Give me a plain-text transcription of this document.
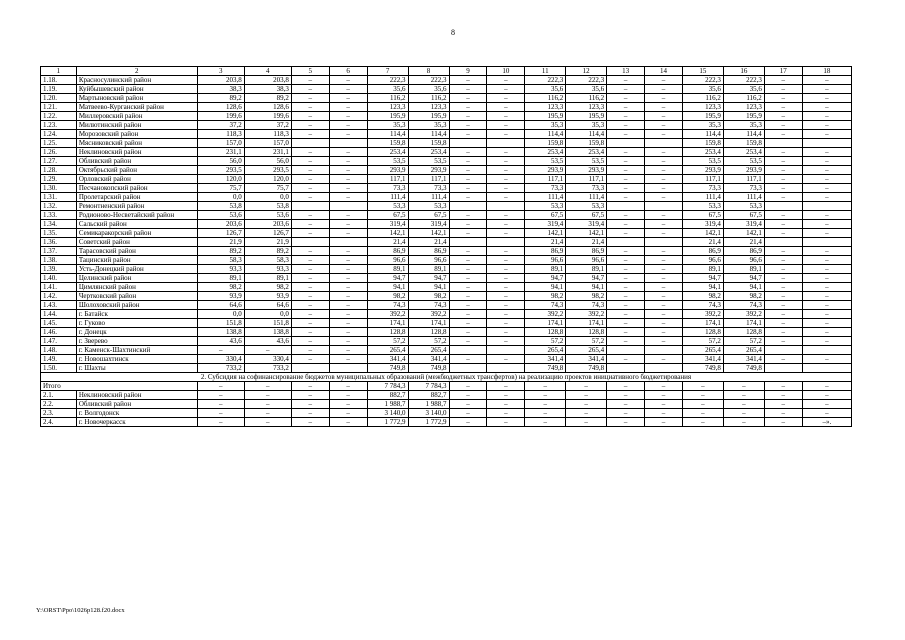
8
1	2	3	4	5	6	7	8	9	10	11	12	13	14	15	16	17	18
1.18.	Красносулинский район	203,8	203,8	–	–	222,3	222,3	–	–	222,3	222,3	–	–	222,3	222,3	–	–
1.19.	Куйбышевский район	38,3	38,3	–	–	35,6	35,6	–	–	35,6	35,6	–	–	35,6	35,6	–	–
1.20.	Мартыновский район	89,2	89,2	–	–	116,2	116,2	–	–	116,2	116,2	–	–	116,2	116,2	–	–
1.21.	Матвеево-Курганский район	128,6	128,6	–	–	123,3	123,3	–	–	123,3	123,3	–	–	123,3	123,3	–	–
1.22.	Миллеровский район	199,6	199,6	–	–	195,9	195,9	–	–	195,9	195,9	–	–	195,9	195,9	–	–
1.23.	Милютинский район	37,2	37,2	–	–	35,3	35,3	–	–	35,3	35,3	–	–	35,3	35,3	–	–
1.24.	Морозовский район	118,3	118,3	–	–	114,4	114,4	–	–	114,4	114,4	–	–	114,4	114,4	–	–
1.25.	Мясниковский район	157,0	157,0			159,8	159,8			159,8	159,8			159,8	159,8		
1.26.	Неклиновский район	231,1	231,1	–	–	253,4	253,4	–	–	253,4	253,4	–	–	253,4	253,4	–	–
1.27.	Обливский район	56,0	56,0	–	–	53,5	53,5	–	–	53,5	53,5	–	–	53,5	53,5	–	–
1.28.	Октябрьский район	293,5	293,5	–	–	293,9	293,9	–	–	293,9	293,9	–	–	293,9	293,9	–	–
1.29.	Орловский район	120,0	120,0	–	–	117,1	117,1	–	–	117,1	117,1	–	–	117,1	117,1	–	–
1.30.	Песчанокопский район	75,7	75,7	–	–	73,3	73,3	–	–	73,3	73,3	–	–	73,3	73,3	–	–
1.31.	Пролетарский район	0,0	0,0	–	–	111,4	111,4	–	–	111,4	111,4	–	–	111,4	111,4	–	–
1.32.	Ремонтненский район	53,8	53,8			53,3	53,3			53,3	53,3			53,3	53,3		
1.33.	Родионово-Несветайский район	53,6	53,6	–	–	67,5	67,5	–	–	67,5	67,5	–	–	67,5	67,5	–	–
1.34.	Сальский район	203,6	203,6	–	–	319,4	319,4	–	–	319,4	319,4	–	–	319,4	319,4	–	–
1.35.	Семикаракорский район	126,7	126,7	–	–	142,1	142,1	–	–	142,1	142,1	–	–	142,1	142,1	–	–
1.36.	Советский район	21,9	21,9			21,4	21,4			21,4	21,4			21,4	21,4		
1.37.	Тарасовский район	89,2	89,2	–	–	86,9	86,9	–	–	86,9	86,9	–	–	86,9	86,9	–	–
1.38.	Тацинский район	58,3	58,3	–	–	96,6	96,6	–	–	96,6	96,6	–	–	96,6	96,6	–	–
1.39.	Усть-Донецкий район	93,3	93,3	–	–	89,1	89,1	–	–	89,1	89,1	–	–	89,1	89,1	–	–
1.40.	Целинский район	89,1	89,1	–	–	94,7	94,7	–	–	94,7	94,7	–	–	94,7	94,7	–	–
1.41.	Цимлянский район	98,2	98,2	–	–	94,1	94,1	–	–	94,1	94,1	–	–	94,1	94,1	–	–
1.42.	Чертковский район	93,9	93,9	–	–	98,2	98,2	–	–	98,2	98,2	–	–	98,2	98,2	–	–
1.43.	Шолоховский район	64,6	64,6	–	–	74,3	74,3	–	–	74,3	74,3	–	–	74,3	74,3	–	–
1.44.	г. Батайск	0,0	0,0	–	–	392,2	392,2	–	–	392,2	392,2	–	–	392,2	392,2	–	–
1.45.	г. Гуково	151,8	151,8	–	–	174,1	174,1	–	–	174,1	174,1	–	–	174,1	174,1	–	–
1.46.	г. Донецк	138,8	138,8	–	–	128,8	128,8	–	–	128,8	128,8	–	–	128,8	128,8	–	–
1.47.	г. Зверево	43,6	43,6	–	–	57,2	57,2	–	–	57,2	57,2	–	–	57,2	57,2	–	–
1.48.	г. Каменск-Шахтинский	–	–	–	–	265,4	265,4			265,4	265,4			265,4	265,4		
1.49.	г. Новошахтинск	330,4	330,4	–	–	341,4	341,4	–	–	341,4	341,4	–	–	341,4	341,4	–	–
1.50.	г. Шахты	733,2	733,2			749,8	749,8			749,8	749,8			749,8	749,8		
2. Субсидия на софинансирование бюджетов муниципальных образований (межбюджетных трансфертов) на реализацию проектов инициативного бюджетирования																	
Итого		–	–	–	–	7 784,3	7 784,3	–	–	–	–	–	–	–	–	–	–
2.1.	Неклиновский район	–	–	–	–	882,7	882,7	–	–	–	–	–	–	–	–	–	–
2.2.	Обливский район	–	–	–	–	1 988,7	1 988,7	–	–	–	–	–	–	–	–	–	–
2.3.	г. Волгодонск	–	–	–	–	3 140,0	3 140,0	–	–	–	–	–	–	–	–	–	–
2.4.	г. Новочеркасск	–	–	–	–	1 772,9	1 772,9	–	–	–	–	–	–	–	–	–	–».
Y:\ORST\Ppo\1026p128.f20.docx
